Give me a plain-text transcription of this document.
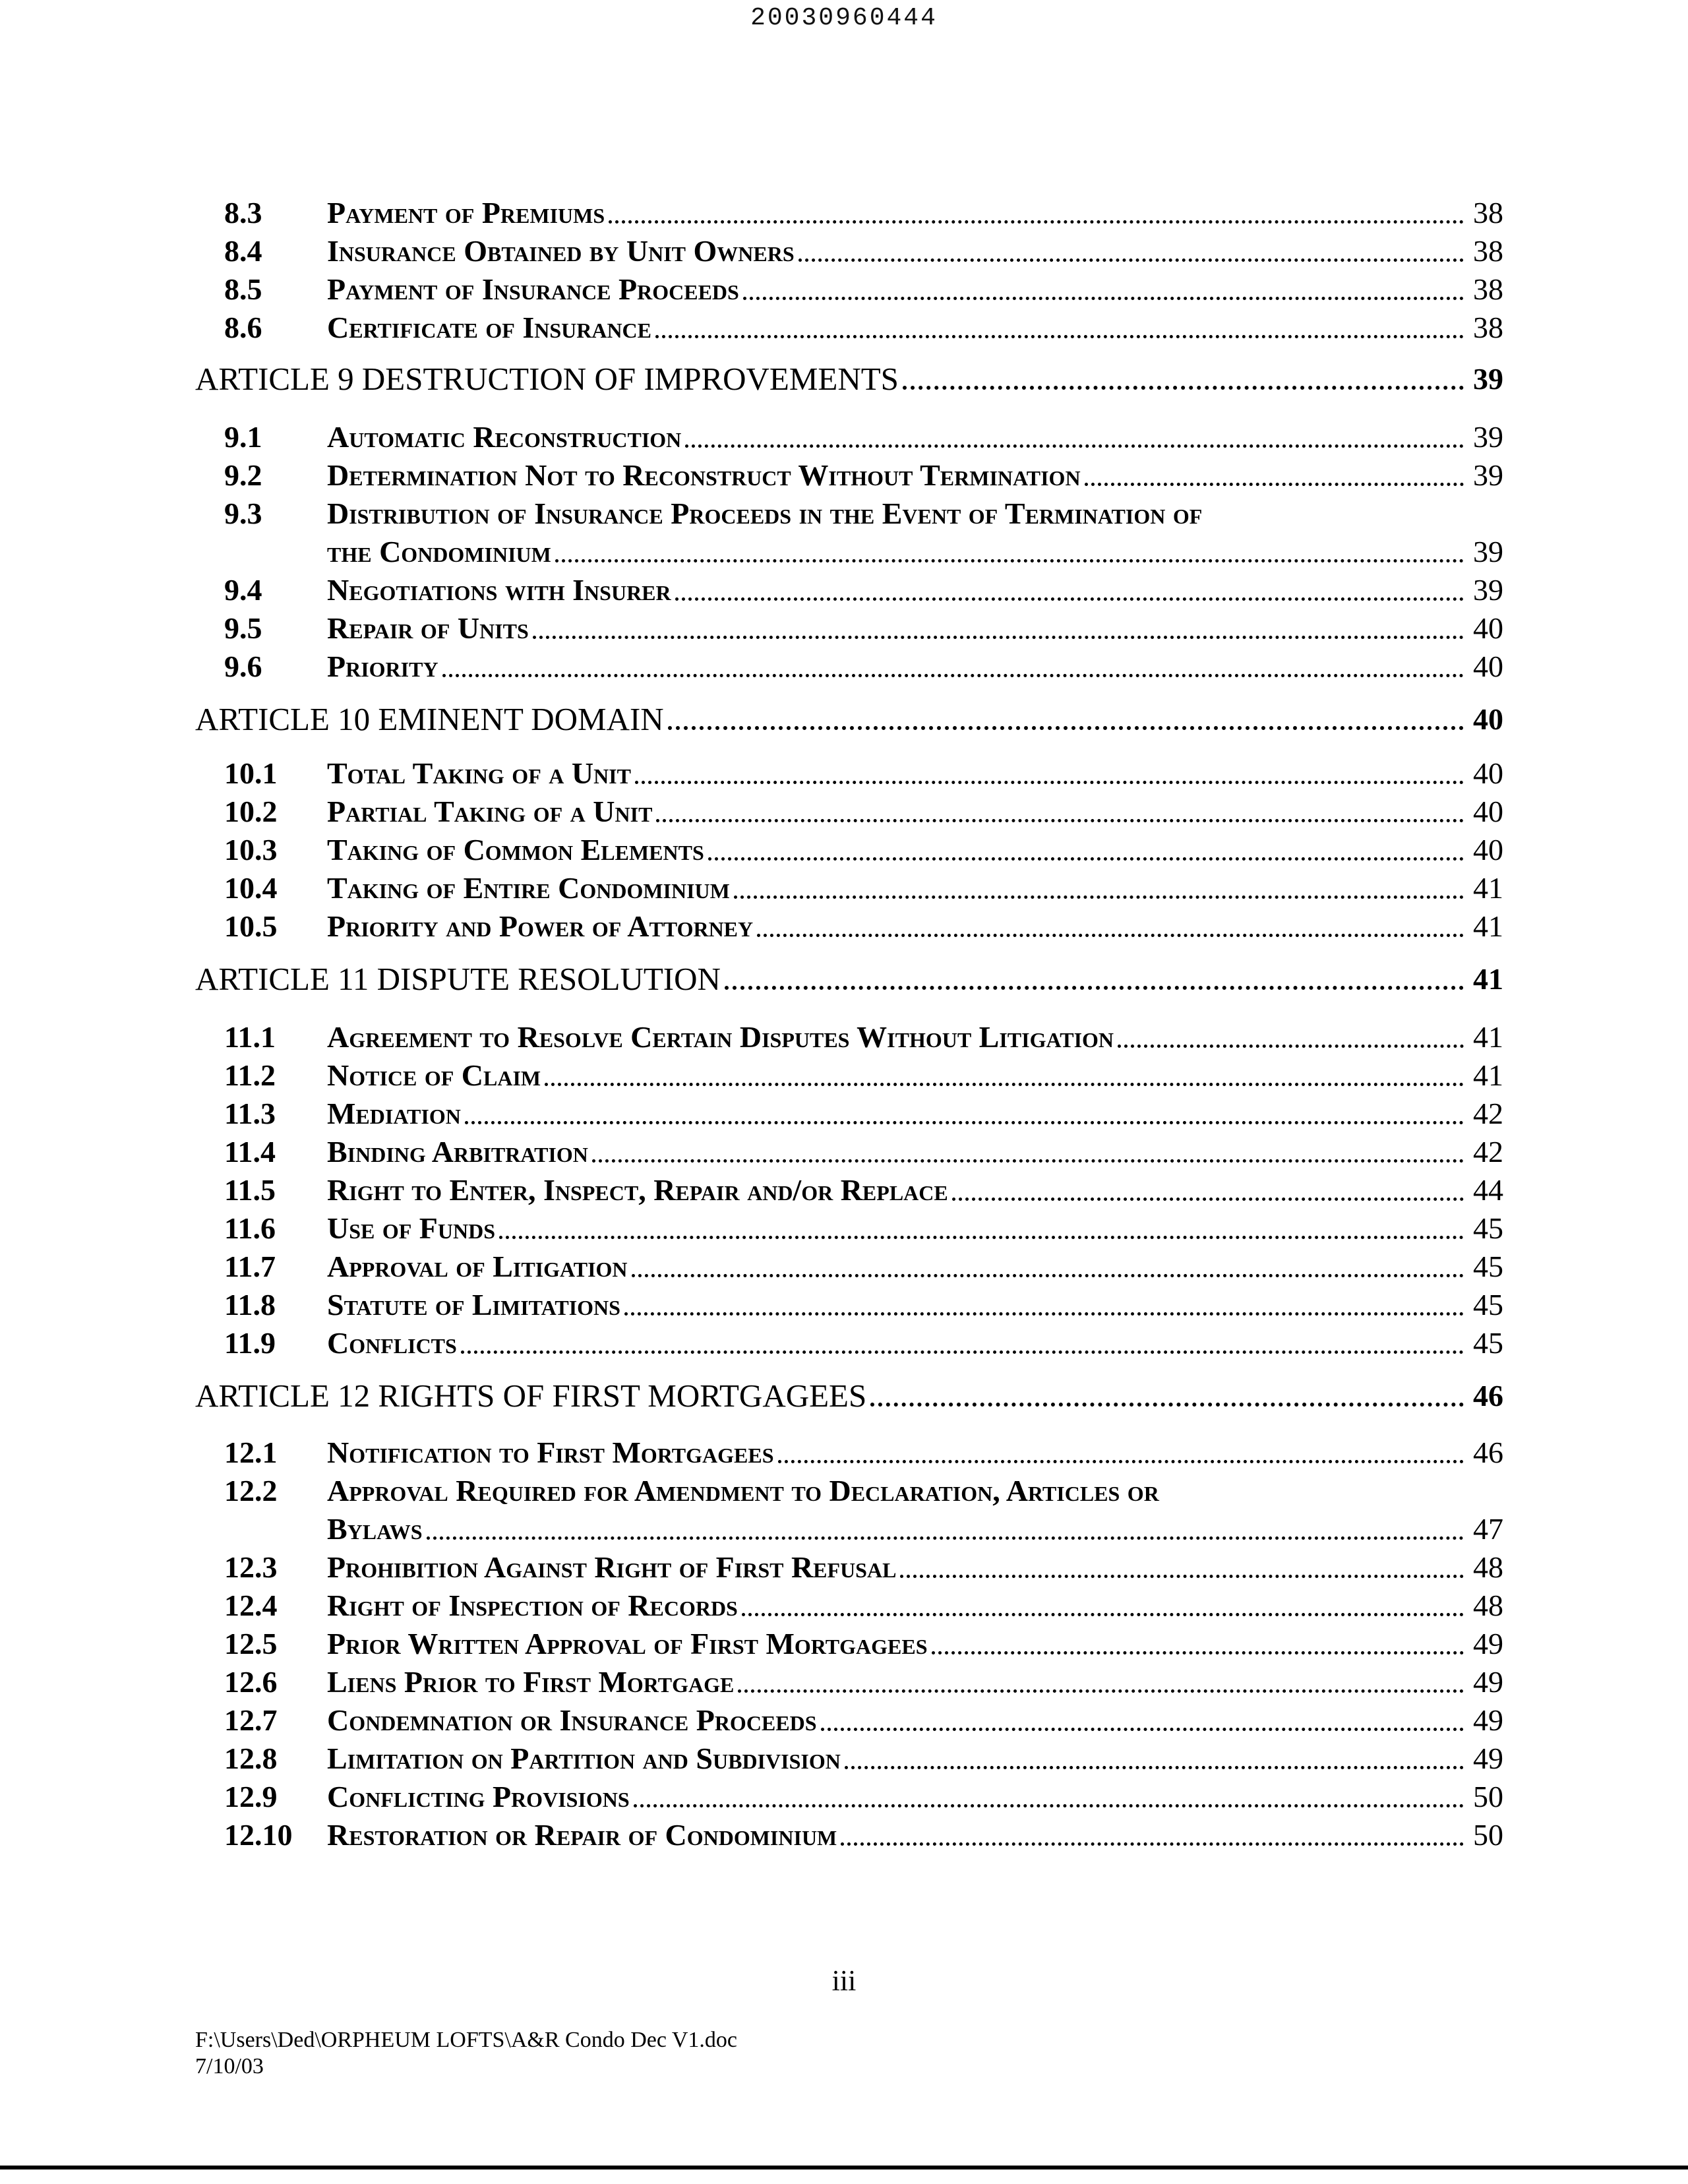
20030960444
8.3	Payment of Premiums	38
8.4	Insurance Obtained by Unit Owners	38
8.5	Payment of Insurance Proceeds	38
8.6	Certificate of Insurance	38
ARTICLE 9 DESTRUCTION OF IMPROVEMENTS	39
9.1	Automatic Reconstruction	39
9.2	Determination Not to Reconstruct Without Termination	39
9.3	Distribution of Insurance Proceeds in the Event of Termination of
the Condominium	39
9.4	Negotiations with Insurer	39
9.5	Repair of Units	40
9.6	Priority	40
ARTICLE 10 EMINENT DOMAIN	40
10.1	Total Taking of a Unit	40
10.2	Partial Taking of a Unit	40
10.3	Taking of Common Elements	40
10.4	Taking of Entire Condominium	41
10.5	Priority and Power of Attorney	41
ARTICLE 11 DISPUTE RESOLUTION	41
11.1	Agreement to Resolve Certain Disputes Without Litigation	41
11.2	Notice of Claim	41
11.3	Mediation	42
11.4	Binding Arbitration	42
11.5	Right to Enter, Inspect, Repair and/or Replace	44
11.6	Use of Funds	45
11.7	Approval of Litigation	45
11.8	Statute of Limitations	45
11.9	Conflicts	45
ARTICLE 12 RIGHTS OF FIRST MORTGAGEES	46
12.1	Notification to First Mortgagees	46
12.2	Approval Required for Amendment to Declaration, Articles or
Bylaws	47
12.3	Prohibition Against Right of First Refusal	48
12.4	Right of Inspection of Records	48
12.5	Prior Written Approval of First Mortgagees	49
12.6	Liens Prior to First Mortgage	49
12.7	Condemnation or Insurance Proceeds	49
12.8	Limitation on Partition and Subdivision	49
12.9	Conflicting Provisions	50
12.10	Restoration or Repair of Condominium	50
iii
F:\Users\Ded\ORPHEUM LOFTS\A&R Condo Dec V1.doc
7/10/03
